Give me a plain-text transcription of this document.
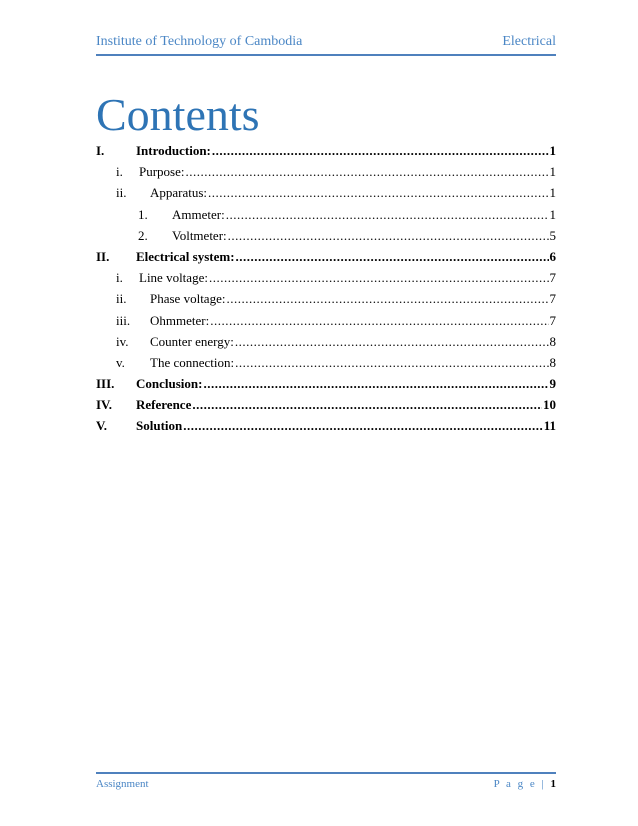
Institute of Technology of Cambodia	Electrical
Contents
I.	Introduction: .....	1
i.	Purpose: .....	1
ii.	Apparatus: .....	1
1.	Ammeter: .....	1
2.	Voltmeter: .....	5
II.	Electrical system: .....	6
i.	Line voltage: .....	7
ii.	Phase voltage: .....	7
iii.	Ohmmeter: .....	7
iv.	Counter energy: .....	8
v.	The connection: .....	8
III.	Conclusion: .....	9
IV.	Reference .....	10
V.	Solution .....	11
Assignment	P a g e | 1
